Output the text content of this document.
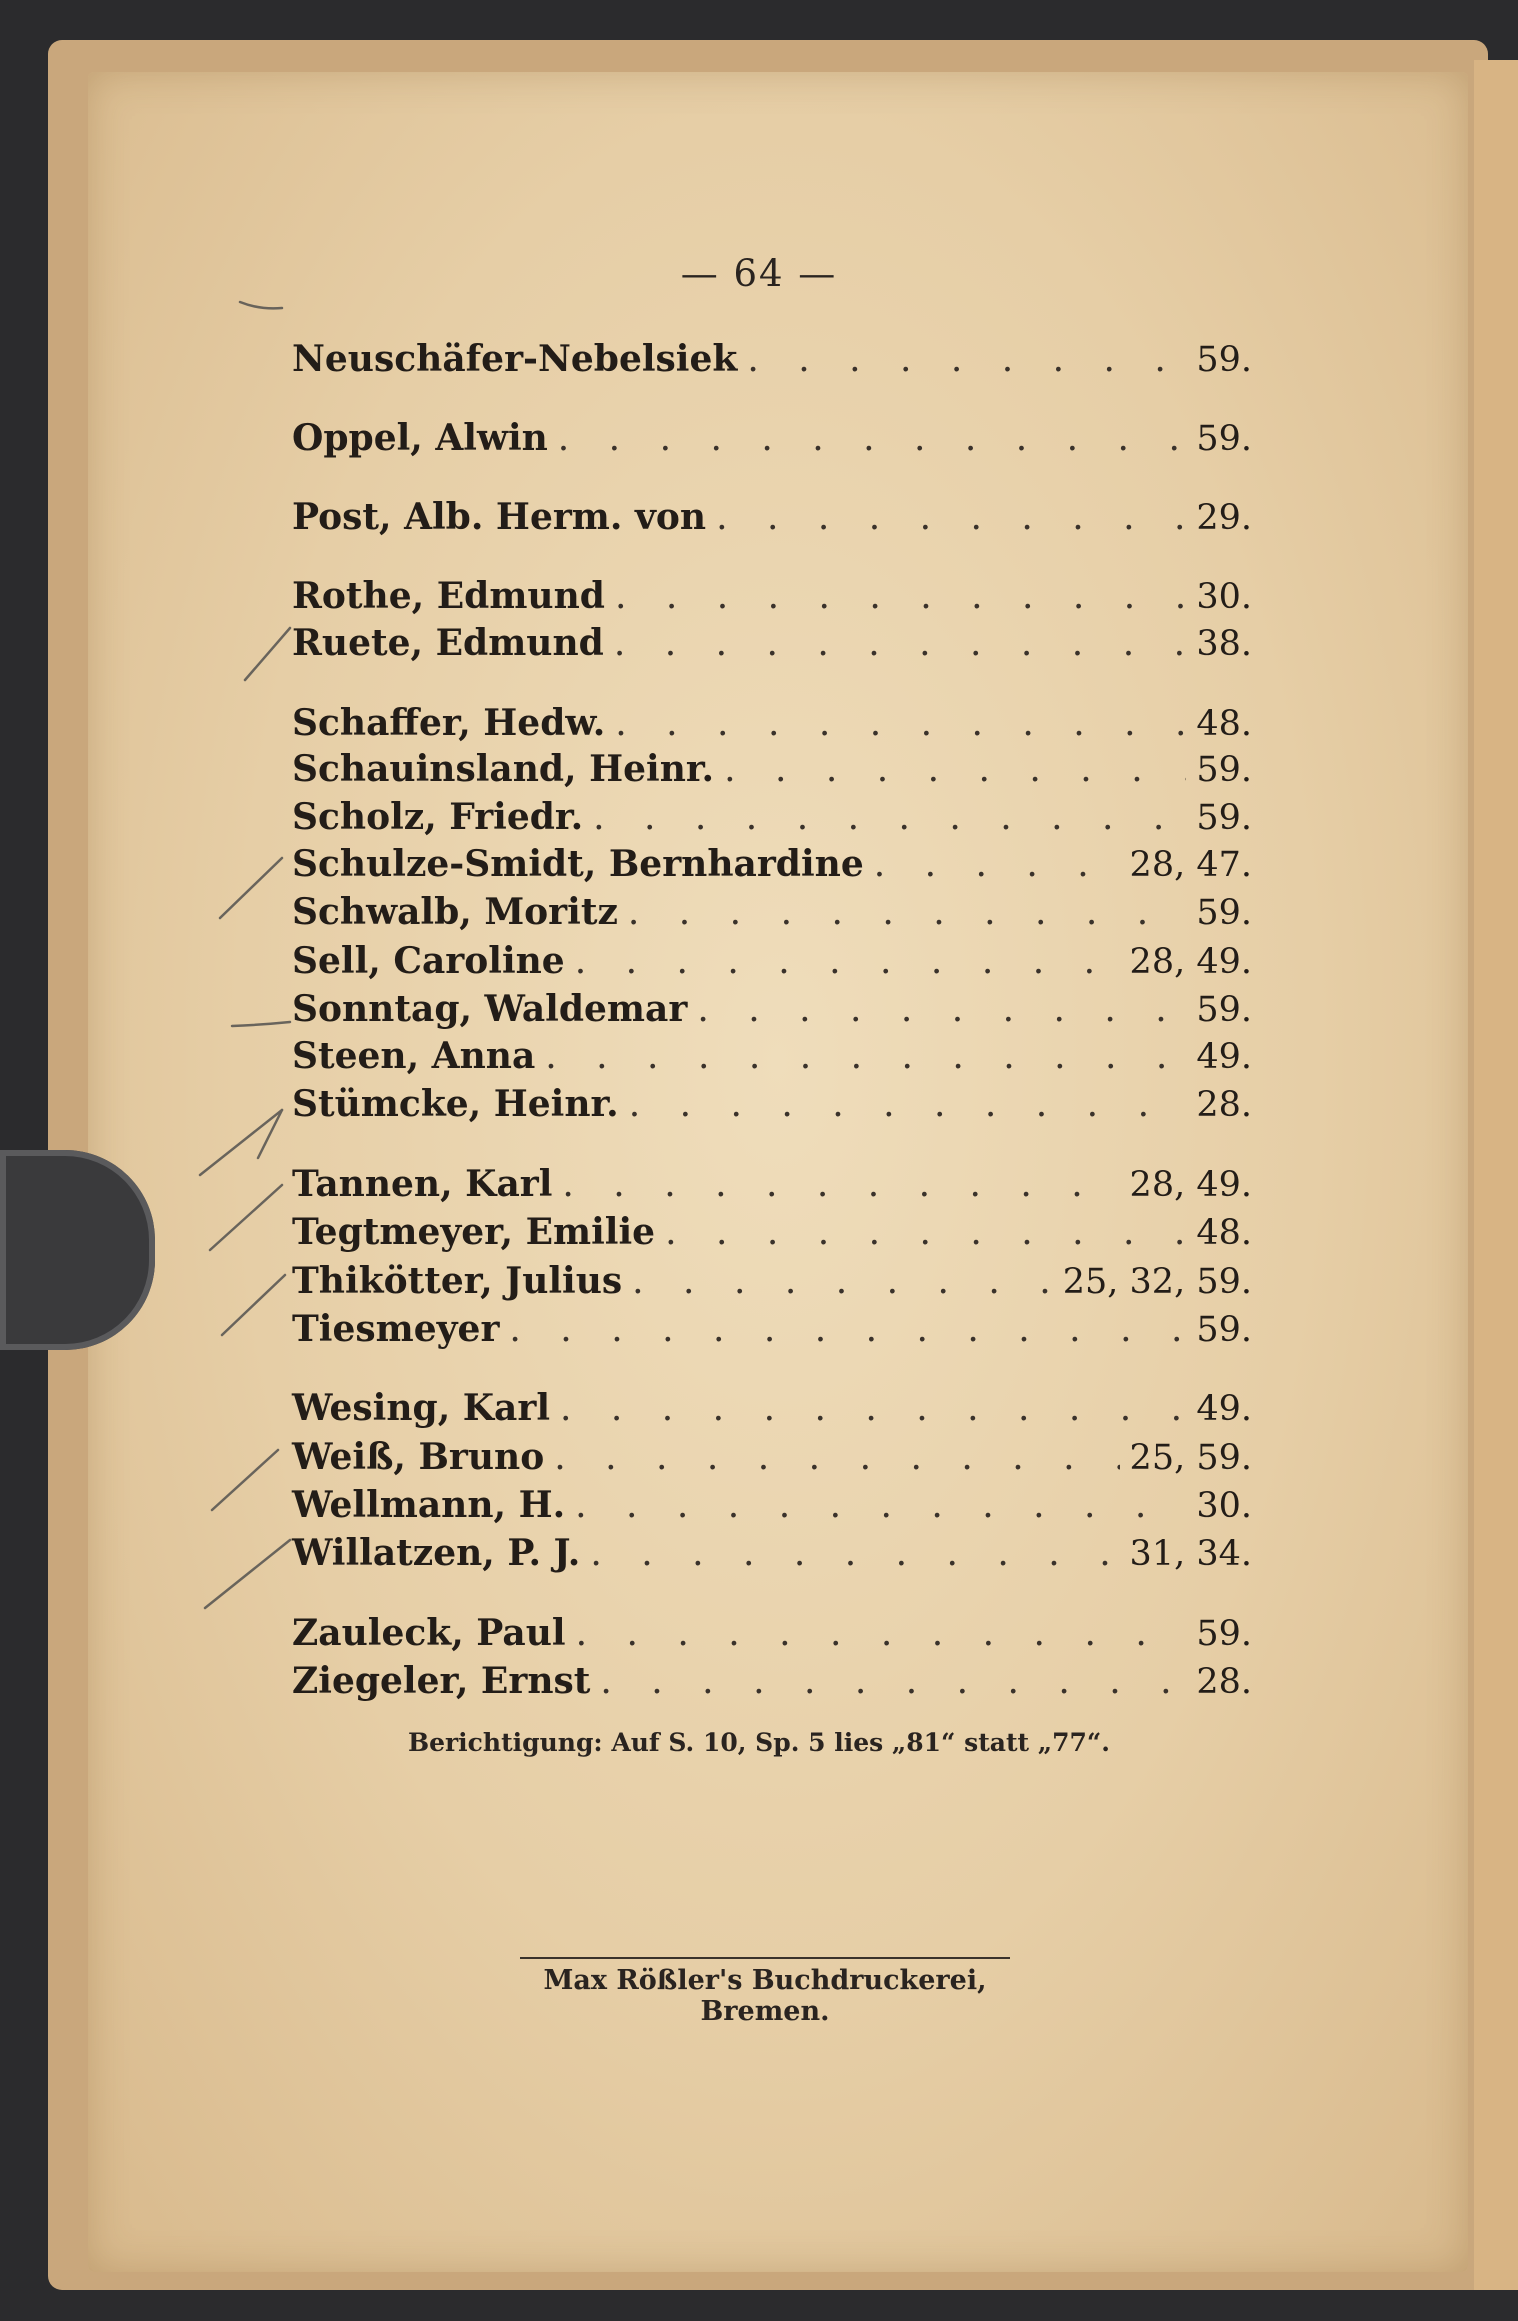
— 64 —
Neuschäfer-Nebelsiek . . .	59.
Oppel, Alwin . . .	59.
Post, Alb. Herm. von . . .	29.
Rothe, Edmund . . .	30.
Ruete, Edmund . . .	38.
Schaffer, Hedw. . . .	48.
Schauinsland, Heinr. . . .	59.
Scholz, Friedr. . . .	59.
Schulze-Smidt, Bernhardine . . .	28, 47.
Schwalb, Moritz . . .	59.
Sell, Caroline . . .	28, 49.
Sonntag, Waldemar . . .	59.
Steen, Anna . . .	49.
Stümcke, Heinr. . . .	28.
Tannen, Karl . . .	28, 49.
Tegtmeyer, Emilie . . .	48.
Thikötter, Julius . . .	25, 32, 59.
Tiesmeyer . . .	59.
Wesing, Karl . . .	49.
Weiß, Bruno . . .	25, 59.
Wellmann, H. . . .	30.
Willatzen, P. J. . . .	31, 34.
Zauleck, Paul . . .	59.
Ziegeler, Ernst . . .	28.
Berichtigung: Auf S. 10, Sp. 5 lies „81“ statt „77“.
Max Rößler's Buchdruckerei, Bremen.
